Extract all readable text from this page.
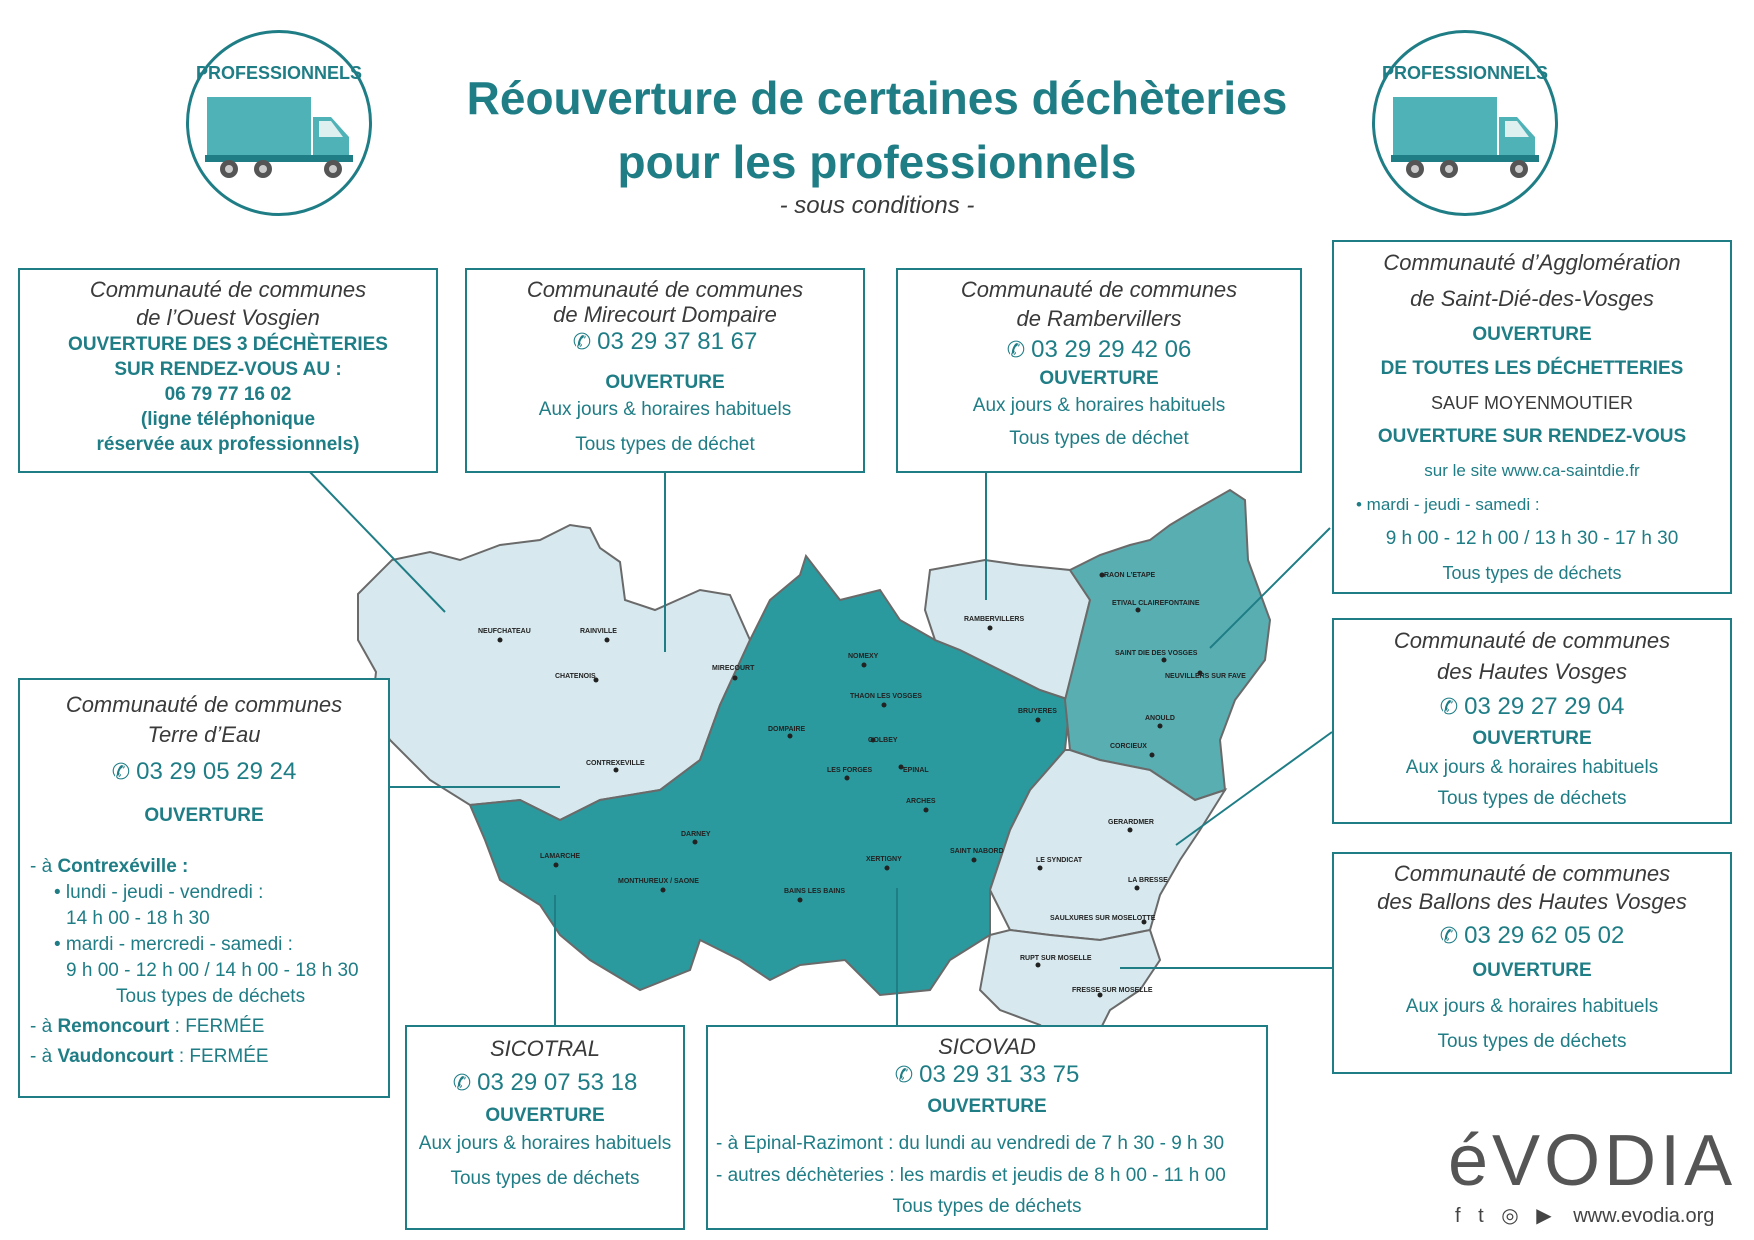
NEUFCHATEAU	RAINVILLE
CHATENOIS
MIRECOURT
CONTREXEVILLE
DOMPAIRE
NOMEXY
THAON LES VOSGES
GOLBEY
LES FORGES	EPINAL
ARCHES
DARNEY
LAMARCHE
MONTHUREUX / SAONE
BAINS LES BAINS
XERTIGNY
SAINT NABORD
RAMBERVILLERS
BRUYERES
RAON L’ETAPE
ETIVAL CLAIREFONTAINE
SAINT DIE DES VOSGES
NEUVILLERS SUR FAVE
ANOULD
CORCIEUX
GERARDMER
LE SYNDICAT
LA BRESSE
SAULXURES SUR MOSELOTTE
RUPT SUR MOSELLE
FRESSE SUR MOSELLE
PROFESSIONNELS	PROFESSIONNELS
Réouverture de certaines déchèteries
pour les professionnels
- sous conditions -
Communauté de communes
de l’Ouest Vosgien
OUVERTURE DES 3 DÉCHÈTERIES
SUR RENDEZ-VOUS AU :
06 79 77 16 02
(ligne téléphonique
réservée aux professionnels)
Communauté de communes
de Mirecourt Dompaire
✆ 03 29 37 81 67
OUVERTURE
Aux jours & horaires habituels
Tous types de déchet
Communauté de communes
de Rambervillers
✆ 03 29 29 42 06
OUVERTURE
Aux jours & horaires habituels
Tous types de déchet
Communauté d’Agglomération
de Saint-Dié-des-Vosges
OUVERTURE
DE TOUTES LES DÉCHETTERIES
SAUF MOYENMOUTIER
OUVERTURE SUR RENDEZ-VOUS
sur le site www.ca-saintdie.fr
• mardi - jeudi - samedi :
9 h 00 - 12 h 00 / 13 h 30 - 17 h 30
Tous types de déchets
Communauté de communes
des Hautes Vosges
✆ 03 29 27 29 04
OUVERTURE
Aux jours & horaires habituels
Tous types de déchets
Communauté de communes
des Ballons des Hautes Vosges
✆ 03 29 62 05 02
OUVERTURE
Aux jours & horaires habituels
Tous types de déchets
Communauté de communes
Terre d’Eau
✆ 03 29 05 29 24
OUVERTURE
- à Contrexéville :
• lundi - jeudi - vendredi :
14 h 00 - 18 h 30
• mardi - mercredi - samedi :
9 h 00 - 12 h 00 / 14 h 00 - 18 h 30
Tous types de déchets
- à Remoncourt : FERMÉE
- à Vaudoncourt : FERMÉE	SICOTRAL
✆ 03 29 07 53 18
OUVERTURE
Aux jours & horaires habituels
Tous types de déchets
SICOVAD
✆ 03 29 31 33 75
OUVERTURE
- à Epinal-Razimont : du lundi au vendredi de 7 h 30 - 9 h 30
- autres déchèteries : les mardis et jeudis de 8 h 00 - 11 h 00
Tous types de déchets
éVODIA
f t ◎ ▶ www.evodia.org
